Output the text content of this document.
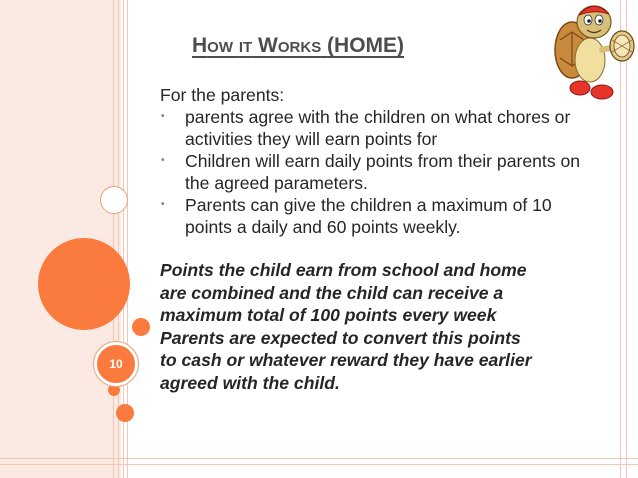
10
HOW IT WORKS (HOME)

For the parents:

• parents agree with the children on what chores or activities they will earn points for
• Children will earn daily points from their parents on the agreed parameters.
• Parents can give the children a maximum of 10 points a daily and 60 points weekly.

Points the child earn from school and home
are combined and the child can receive a
maximum total of 100 points every week
Parents are expected to convert this points
to cash or whatever reward they have earlier
agreed with the child.
